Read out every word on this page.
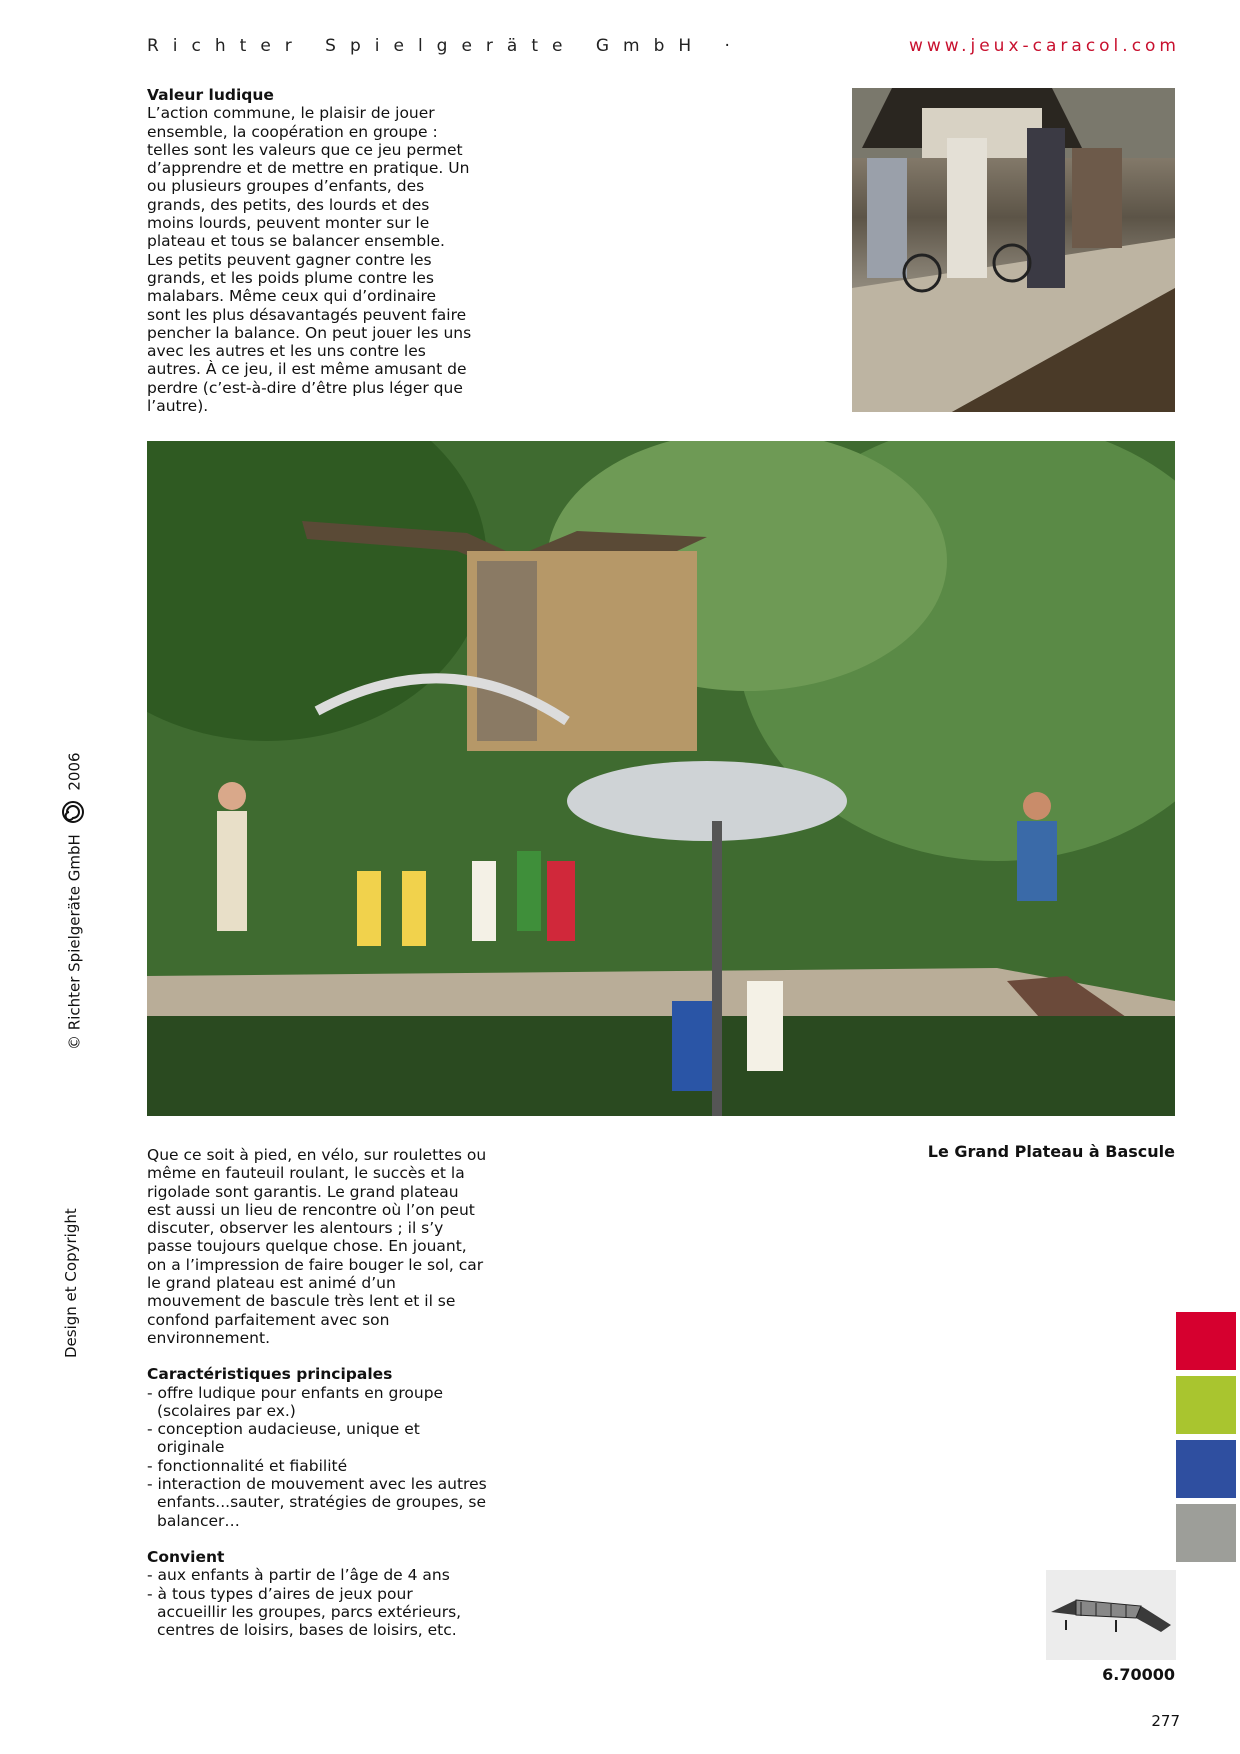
Richter Spielgeräte GmbH ·	www.jeux-caracol.com
Valeur ludique
L’action commune, le plaisir de jouer ensemble, la coopération en groupe : telles sont les valeurs que ce jeu permet d’apprendre et de mettre en pratique. Un ou plusieurs groupes d’enfants, des grands, des petits, des lourds et des moins lourds, peuvent monter sur le plateau et tous se balancer ensemble. Les petits peuvent gagner contre les grands, et les poids plume contre les malabars. Même ceux qui d’ordinaire sont les plus désavantagés peuvent faire pencher la balance. On peut jouer les uns avec les autres et les uns contre les autres. À ce jeu, il est même amusant de perdre (c’est-à-dire d’être plus léger que l’autre).
Le Grand Plateau à Bascule

Que ce soit à pied, en vélo, sur roulettes ou même en fauteuil roulant, le succès et la rigolade sont garantis. Le grand plateau est aussi un lieu de rencontre où l’on peut discuter, observer les alentours ; il s’y passe toujours quelque chose. En jouant, on a l’impression de faire bouger le sol, car le grand plateau est animé d’un mouvement de bascule très lent et il se confond parfaitement avec son environnement.

Caractéristiques principales
- offre ludique pour enfants en groupe (scolaires par ex.)
- conception audacieuse, unique et originale
- fonctionnalité et fiabilité
- interaction de mouvement avec les autres enfants...sauter, stratégies de groupes, se balancer…
Convient
- aux enfants à partir de l’âge de 4 ans
- à tous types d’aires de jeux pour accueillir les groupes, parcs extérieurs, centres de loisirs, bases de loisirs, etc.
© Richter Spielgeräte GmbH  2006
Design et Copyright
6.70000
277
